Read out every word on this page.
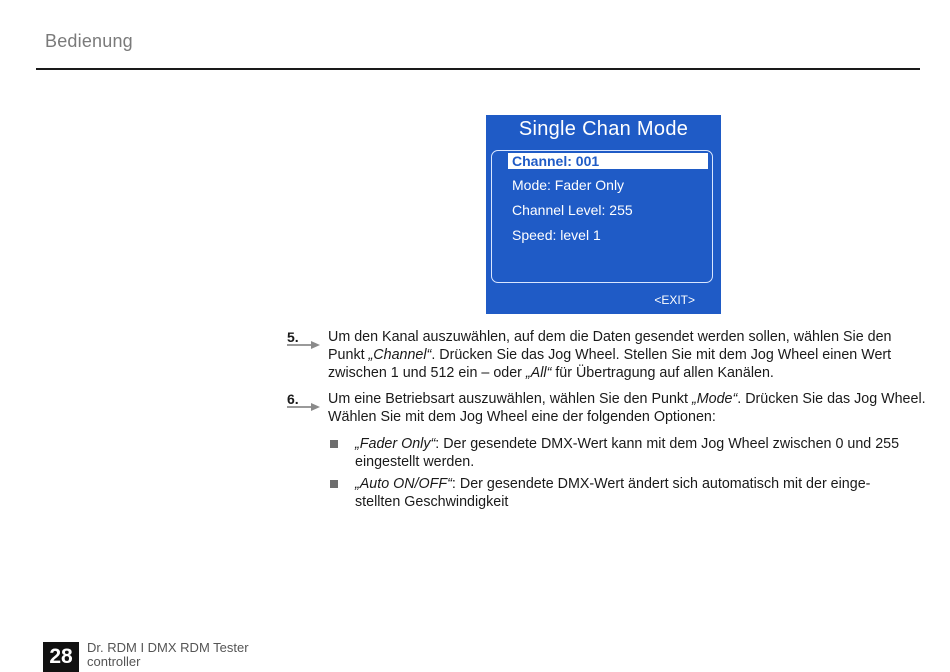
Bedienung
Single Chan Mode
Channel: 001
Mode: Fader Only
Channel Level: 255
Speed: level 1
<EXIT>
5. Um den Kanal auszuwählen, auf dem die Daten gesendet werden sollen, wählen Sie den Punkt „Channel“. Drücken Sie das Jog Wheel. Stellen Sie mit dem Jog Wheel einen Wert zwischen 1 und 512 ein – oder „All“ für Übertragung auf allen Kanälen.
6. Um eine Betriebsart auszuwählen, wählen Sie den Punkt „Mode“. Drücken Sie das Jog Wheel. Wählen Sie mit dem Jog Wheel eine der folgenden Optionen:
„Fader Only“: Der gesendete DMX-Wert kann mit dem Jog Wheel zwischen 0 und 255 eingestellt werden.
„Auto ON/OFF“: Der gesendete DMX-Wert ändert sich automatisch mit der eingestellten Geschwindigkeit
28	Dr. RDM I DMX RDM Tester
controller
